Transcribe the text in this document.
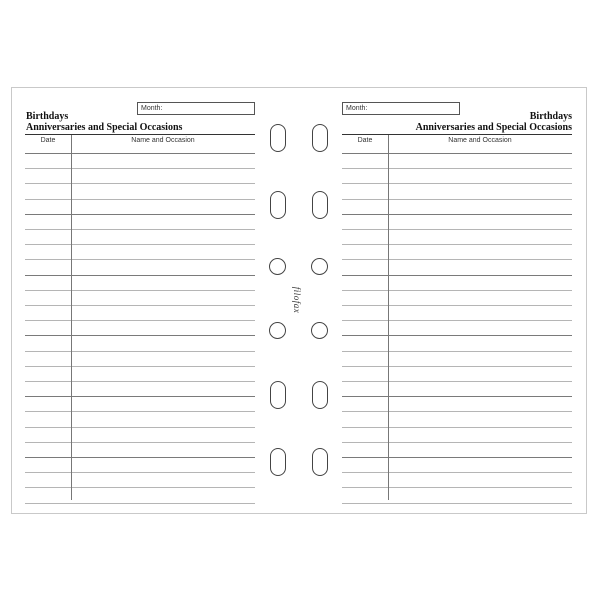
Month:
Birthdays
Anniversaries and Special Occasions
Date	Name and Occasion
Month:
Birthdays
Anniversaries and Special Occasions
Date	Name and Occasion
filofax
